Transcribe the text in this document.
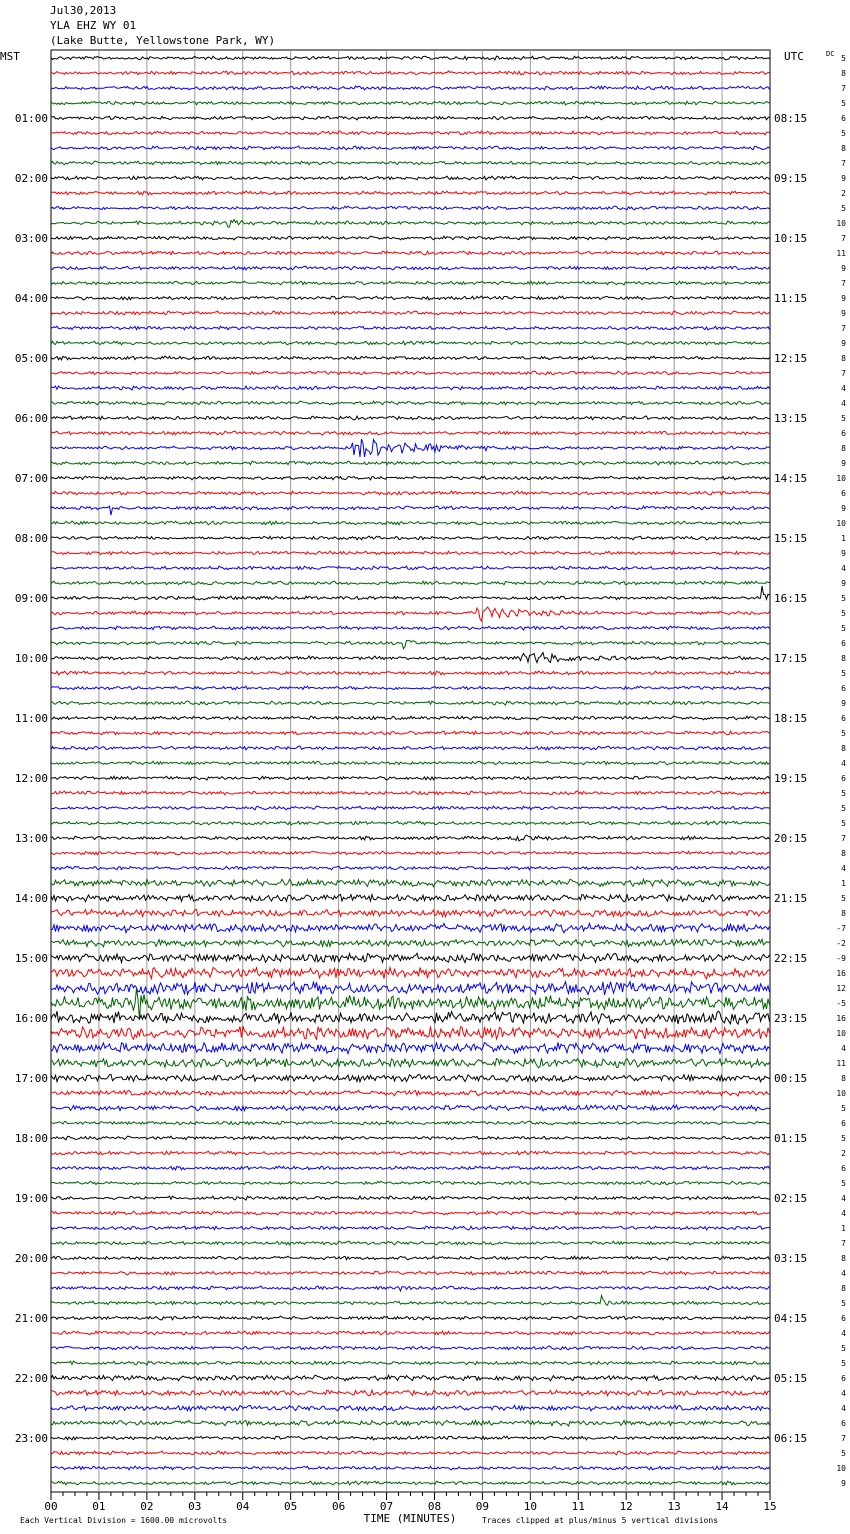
Jul30,2013
YLA EHZ WY 01
(Lake Butte, Yellowstone Park, WY)
5
8
7
5
6
5
8
7
9
2
5
10
7
11
9
7
9
9
7
9
8
7
4
4
5
6
8
9
10
6
9
10
1
9
4
9
5
5
5
6
8
5
6
9
6
5
8
4
6
5
5
5
7
8
4
1
5
8
-7
-2
-9
16
12
-5
16
10
4
11
8
10
5
6
5
2
6
5
4
4
1
7
8
4
8
5
6
4
5
5
6
4
4
6
7
5
10
9
01:00	08:15
02:00	09:15
03:00	10:15
04:00	11:15
05:00	12:15
06:00	13:15
07:00	14:15
08:00	15:15
09:00	16:15
10:00	17:15
11:00	18:15
12:00	19:15
13:00	20:15
14:00	21:15
15:00	22:15
16:00	23:15
17:00	00:15
18:00	01:15
19:00	02:15
20:00	03:15
21:00	04:15
22:00	05:15
23:00	06:15
MST	UTC	DC
00	01	02	03	04	05	06	07	08	09	10	11	12	13	14	15
TIME (MINUTES)
Each Vertical Division = 1600.00 microvolts	Traces clipped at plus/minus 5 vertical divisions
